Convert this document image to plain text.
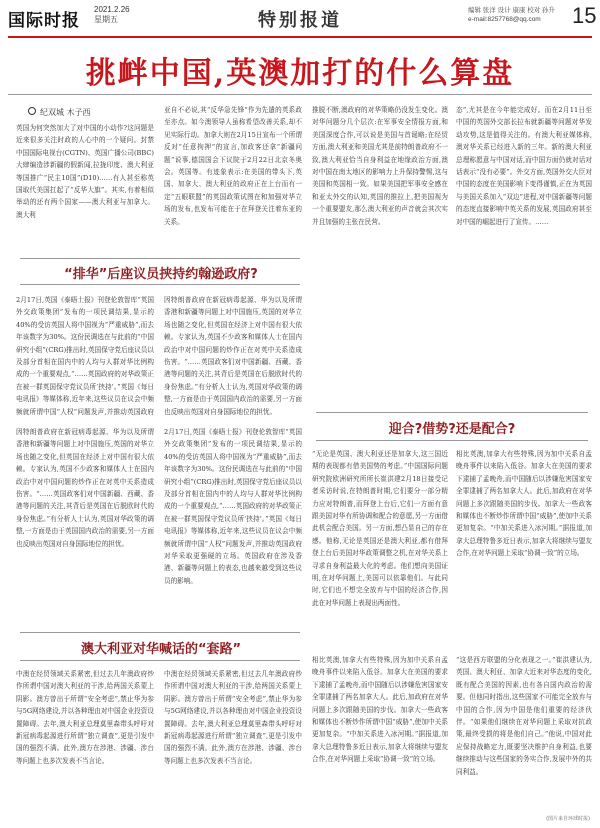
国际时报
2021.2.26
星期五	特别报道	编辑 张洋 设计 康康 校对 孙升
e-mail:8257768@qq.com	15
挑衅中国,英澳加打的什么算盘
纪双城 木子西
英国为何突然加大了对中国的小动作?这问题是近来很多关注时政的人心中的一个疑问。封禁中国国际电视台(CGTN)、英国广播公司(BBC)大肆编造涉新疆的假新闻,拉拢印度、澳大利亚等国推广“民主10国”(D10)……有人甚至称英国取代美国扛起了“反华大旗”。其实,有着相似举动的还有两个国家——澳大利亚与加拿大。澳大利
亚自不必说,其“反华急先锋”作为先遣的英系政至亦点。如今澳领导人虽称希望改善关系,却不见实际行动。加拿大则在2月15日宣布一个所谓反对“任意拘押”的宣言,加政客还拿“新疆问题”说事,德国国会下议院于2月22日北京冬奥会。英国等。有迹象表示:在美国的带头下,英国、加拿大、澳大利亚的政府正在上台而有一定“五眼联盟”的英国政策试图在和加强对华立场的发布,也发布可能在于在拜登关注着东亚的关系。
推脱不断,澳政府的对华策略仍没发生变化。澳对华问题分几个层次:在军事安全情报方面,和美国深度合作,可以说是美国与首诞略;在经贸方面,澳大利亚和美国尤其是前特朗普政府不一致,澳大利亚恰当自身利益在地缘政治方面,澳对中国在南太地区的影响力上升保持警惕,这与美国和英国相一致。如果美国把军事安全感在和亚太外交的认知,英国的推拉上,把美国视为一个重要盟友,那么澳大利亚的声音就会其次实并且加强的主张在民营。
态”,尤其是在今年能完成好。而在2月11日至中国的英国外交部长拉布就新疆等问题对华发动攻势,这是值得关注的。有澳大利亚媒体称,澳对华关系已经进入新的三年。新的澳大利亚总理称愿意与中国对话,而中国方面仍就对话对话表示“没有必要”。外交方面,英国外交大臣对中国的态度在美国影响下变得谨慎,正在为英国与美国关系加入“双边”进程,对中国新疆等问题的态度直接影响中英关系的发展,英国政府甚至对中国的崛起进行了宣传。……
“排华”后座议员挟持约翰逊政府?
2月17日,英国《泰晤士报》刊登伦敦智库“英国外交政策集团”发布的一项民调结果,显示的40%的受访英国人将中国视为“严重威胁”,而去年该数字为30%。这份民调选在与此前的“中国研究小组”(CRG)推出时,英国保守党后座议员以及部分首相在国内中的人均与人群对华比例构成的一个重要观点,“……英国政府的对华政策正在被一群英国保守党议员所‘挟持’。”英国《每日电讯报》等媒体称,近年来,这些议员在议会中频频就所谓中国“人权”问题发声,并推动英国政府
因特朗普政府在新冠病毒起源、华为以及所谓香港和新疆等问题上对中国施压,英国的对华立场也随之变化,但英国在经济上对中国有很大依赖。专家认为,英国不少政客和媒体人士在国内政治中对中国问题的炒作正在对英中关系造成伤害。“……英国政客们对中国新疆、西藏、香港等问题的关注,其背后是英国在后脱欧时代的身份焦虑。”有分析人士认为,英国对华政策的调整,一方面是由于英国国内政治的需要,另一方面也反映出英国对自身国际地位的担忧。
迎合?借势?还是配合?
因特朗普政府在新冠病毒起源、华为以及所谓香港和新疆等问题上对中国施压,英国的对华立场也随之变化,但英国在经济上对中国有很大依赖。专家认为,英国不少政客和媒体人士在国内政治中对中国问题的炒作正在对英中关系造成伤害。“……英国政客们对中国新疆、西藏、香港等问题的关注,其背后是英国在后脱欧时代的身份焦虑。”有分析人士认为,英国对华政策的调整,一方面是由于英国国内政治的需要,另一方面也反映出英国对自身国际地位的担忧。
2月17日,英国《泰晤士报》刊登伦敦智库“英国外交政策集团”发布的一项民调结果,显示的40%的受访英国人将中国视为“严重威胁”,而去年该数字为30%。这份民调选在与此前的“中国研究小组”(CRG)推出时,英国保守党后座议员以及部分首相在国内中的人均与人群对华比例构成的一个重要观点,“……英国政府的对华政策正在被一群英国保守党议员所‘挟持’。”英国《每日电讯报》等媒体称,近年来,这些议员在议会中频频就所谓中国“人权”问题发声,并推动英国政府对华采取更强硬的立场。英国政府在涉及香港、新疆等问题上的表态,也越来越受到这些议员的影响。
“无论是英国、澳大利亚还是加拿大,这三国近期的表现都有借美国势的考虑。”中国国际问题研究院欧洲研究所所长崔洪建2月18日接受记者采访时说,在特朗普时期,它们要分一部分精力应对特朗普,而拜登上台后,它们一方面有意跟美国对华有所协调和配合的意愿,另一方面借此机会配合美国。另一方面,想凸显自己的存在感。他称,无论是英国还是澳大利亚,都有借拜登上台后美国对华政策调整之机,在对华关系上寻求自身利益最大化的考虑。他们想向美国证明,在对华问题上,美国可以依靠他们。与此同时,它们也不想完全放弃与中国的经济合作,因此在对华问题上表现出两面性。
相比英澳,加拿大有些特殊,因为加中关系自孟晚舟事件以来陷入低谷。加拿大在美国的要求下逮捕了孟晚舟,而中国随后以涉嫌危害国家安全罪逮捕了两名加拿大人。此后,加政府在对华问题上多次跟随美国的步伐。加拿大一些政客和媒体也不断炒作所谓中国“威胁”,使加中关系更加复杂。“中加关系进入冰河期。”据报道,加拿大总理特鲁多近日表示,加拿大将继续与盟友合作,在对华问题上采取“协调一致”的立场。
澳大利亚对华喊话的“套路”
中澳在经贸领域关系紧密,但过去几年澳政府炒作所谓中国对澳大利亚的干涉,给两国关系蒙上阴影。澳方曾出于所谓“安全考虑”,禁止华为参与5G网络建设,并以各种理由对中国企业投资设置障碍。去年,澳大利亚总理莫里森带头呼吁对新冠病毒起源进行所谓“独立调查”,更是引发中国的强烈不满。此外,澳方在涉港、涉疆、涉台等问题上也多次发表不当言论。
中澳在经贸领域关系紧密,但过去几年澳政府炒作所谓中国对澳大利亚的干涉,给两国关系蒙上阴影。澳方曾出于所谓“安全考虑”,禁止华为参与5G网络建设,并以各种理由对中国企业投资设置障碍。去年,澳大利亚总理莫里森带头呼吁对新冠病毒起源进行所谓“独立调查”,更是引发中国的强烈不满。此外,澳方在涉港、涉疆、涉台等问题上也多次发表不当言论。
相比英澳,加拿大有些特殊,因为加中关系自孟晚舟事件以来陷入低谷。加拿大在美国的要求下逮捕了孟晚舟,而中国随后以涉嫌危害国家安全罪逮捕了两名加拿大人。此后,加政府在对华问题上多次跟随美国的步伐。加拿大一些政客和媒体也不断炒作所谓中国“威胁”,使加中关系更加复杂。“中加关系进入冰河期。”据报道,加拿大总理特鲁多近日表示,加拿大将继续与盟友合作,在对华问题上采取“协调一致”的立场。
“这是西方联盟的分化表现之一。”崔洪建认为,英国、澳大利亚、加拿大近来对华态度的变化,既有配合美国的因素,也有各自国内政治的需要。但他同时指出,这些国家不可能完全放弃与中国的合作,因为中国是他们重要的经济伙伴。“如果他们继续在对华问题上采取对抗政策,最终受损的将是他们自己。”他说,中国对此应保持战略定力,既要坚决维护自身利益,也要继续推动与这些国家的务实合作,发展中外的共同利益。
(图片来自环球时报)
